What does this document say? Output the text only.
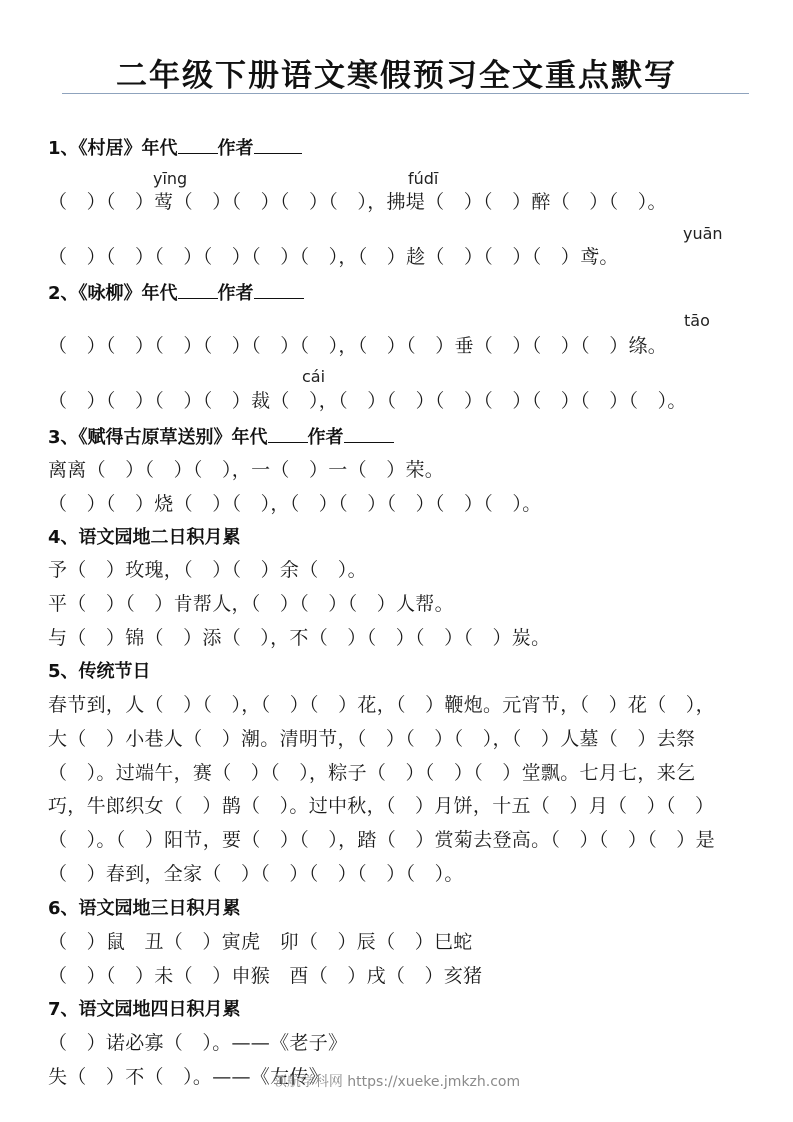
二年级下册语文寒假预习全文重点默写
1、《村居》年代 作者
yīng	fúdī
（　）（　）莺（　）（　）（　）（　），拂堤（　）（　）醉（　）（　）。
yuān
（　）（　）（　）（　）（　）（　），（　）趁（　）（　）（　）鸢。
2、《咏柳》年代 作者
tāo
（　）（　）（　）（　）（　）（　），（　）（　）垂（　）（　）（　）绦。
cái
（　）（　）（　）（　）裁（　），（　）（　）（　）（　）（　）（　）（　）。
3、《赋得古原草送别》年代 作者
离离（　）（　）（　），一（　）一（　）荣。
（　）（　）烧（　）（　），（　）（　）（　）（　）（　）。
4、语文园地二日积月累
予（　）玫瑰，（　）（　）余（　）。
平（　）（　）肯帮人，（　）（　）（　）人帮。
与（　）锦（　）添（　），不（　）（　）（　）（　）炭。
5、传统节日
春节到，人（　）（　），（　）（　）花，（　）鞭炮。元宵节，（　）花（　），
大（　）小巷人（　）潮。清明节，（　）（　）（　），（　）人墓（　）去祭
（　）。过端午，赛（　）（　），粽子（　）（　）（　）堂飘。七月七，来乞
巧，牛郎织女（　）鹊（　）。过中秋，（　）月饼，十五（　）月（　）（　）
（　）。（　）阳节，要（　）（　），踏（　）赏菊去登高。（　）（　）（　）是
（　）春到，全家（　）（　）（　）（　）（　）。
6、语文园地三日积月累
（　）鼠　丑（　）寅虎　卯（　）辰（　）巳蛇
（　）（　）未（　）申猴　酉（　）戌（　）亥猪
7、语文园地四日积月累
（　）诺必寡（　）。——《老子》
失（　）不（　）。——《左传》
领航学科网 https://xueke.jmkzh.com
